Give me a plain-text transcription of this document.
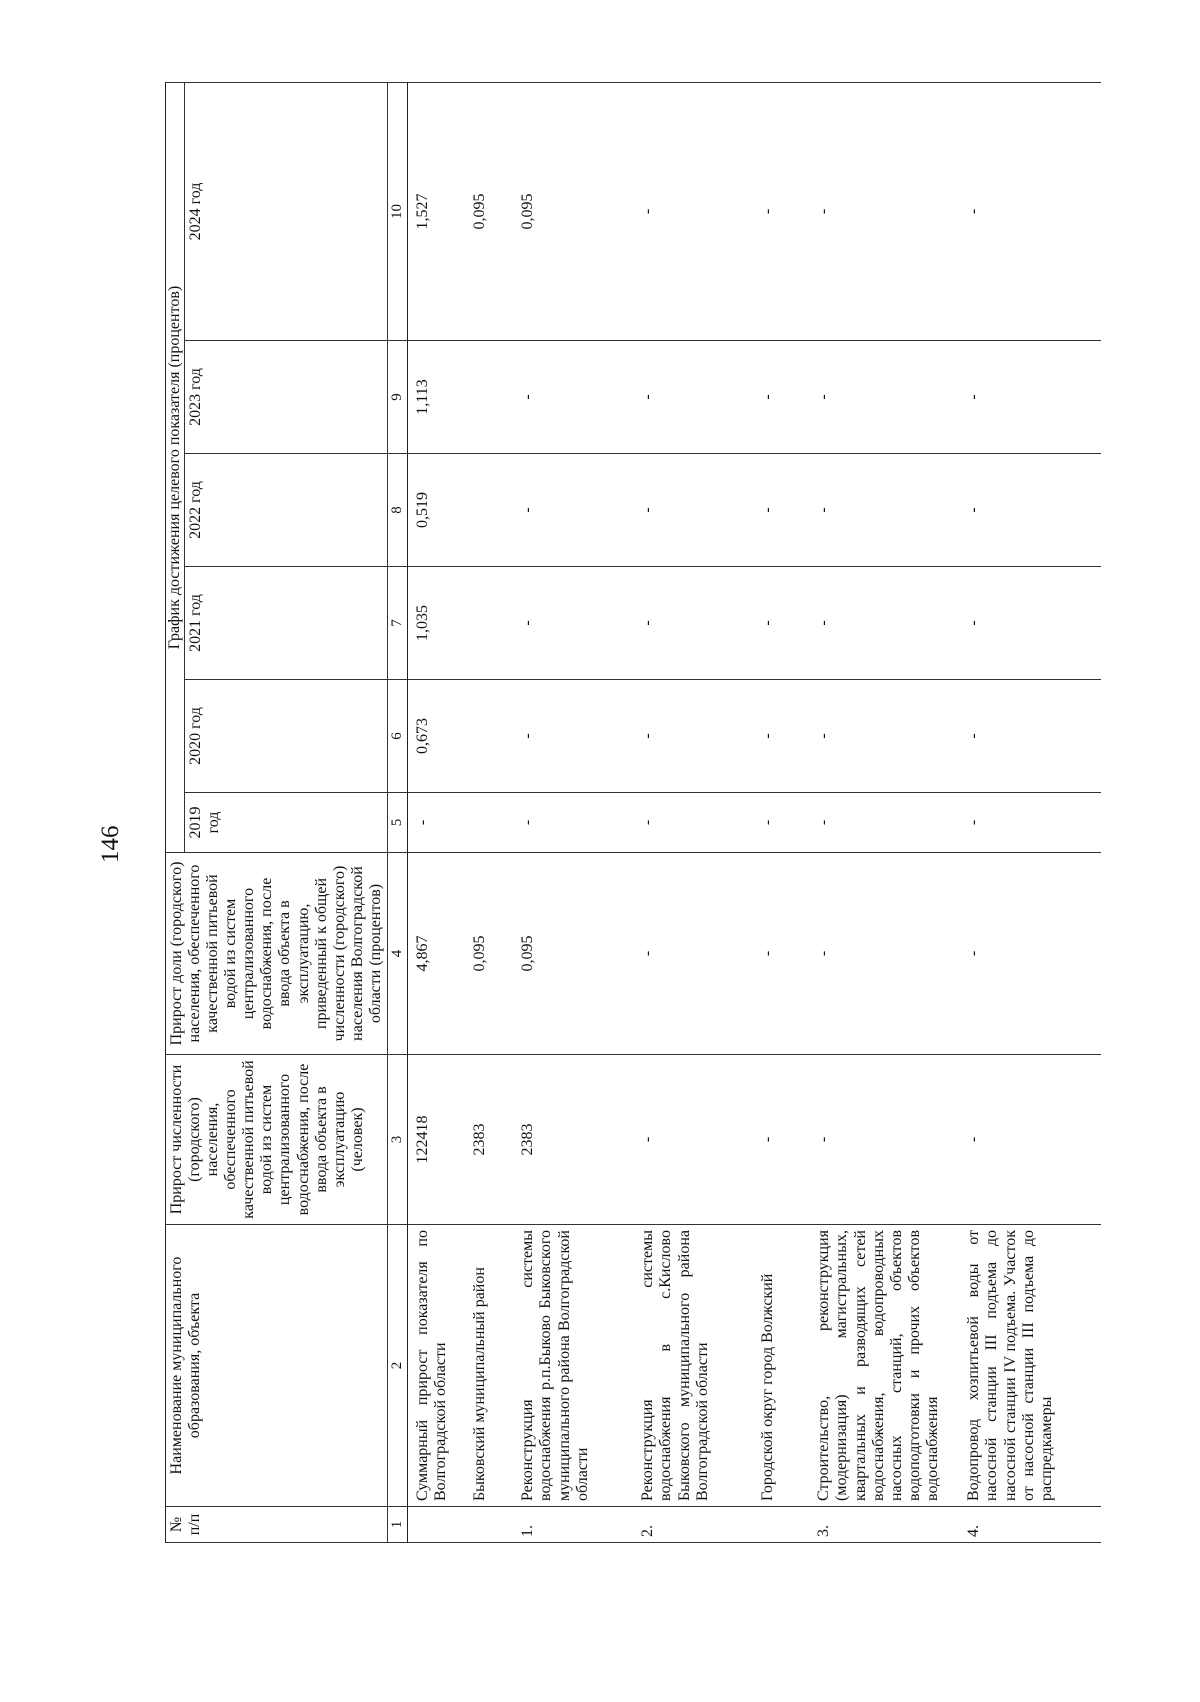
146
№ п/п	Наименование муниципального образования, объекта	Прирост численности (городского) населения, обеспеченного качественной питьевой водой из систем централизованного водоснабжения, после ввода объекта в эксплуатацию (человек)	Прирост доли (городского) населения, обеспеченного качественной питьевой водой из систем централизованного водоснабжения, после ввода объекта в эксплуатацию, приведенный к общей численности (городского) населения Волгоградской области (процентов)	График достижения целевого показателя (процентов)					
				2019 год	2020 год	2021 год	2022 год	2023 год	2024 год
1	2	3	4	5	6	7	8	9	10
	Суммарный прирост показателя по Волгоградской области	122418	4,867	-	0,673	1,035	0,519	1,113	1,527
	Быковский муниципальный район	2383	0,095						0,095
1.	Реконструкция системы водоснабжения р.п.Быково Быковского муниципального района Волгоградской области	2383	0,095	-	-	-	-	-	0,095
2.	Реконструкция системы водоснабжения в с.Кислово Быковского муниципального района Волгоградской области	-	-	-	-	-	-	-	-
	Городской округ город Волжский	-	-	-	-	-	-	-	-
3.	Строительство, реконструкция (модернизация) магистральных, квартальных и разводящих сетей водоснабжения, водопроводных насосных станций, объектов водоподготовки и прочих объектов водоснабжения	-	-	-	-	-	-	-	-
4.	Водопровод хозпитьевой воды от насосной станции III подъема до насосной станции IV подъема. Участок от насосной станции III подъема до распредкамеры	-	-	-	-	-	-	-	-
